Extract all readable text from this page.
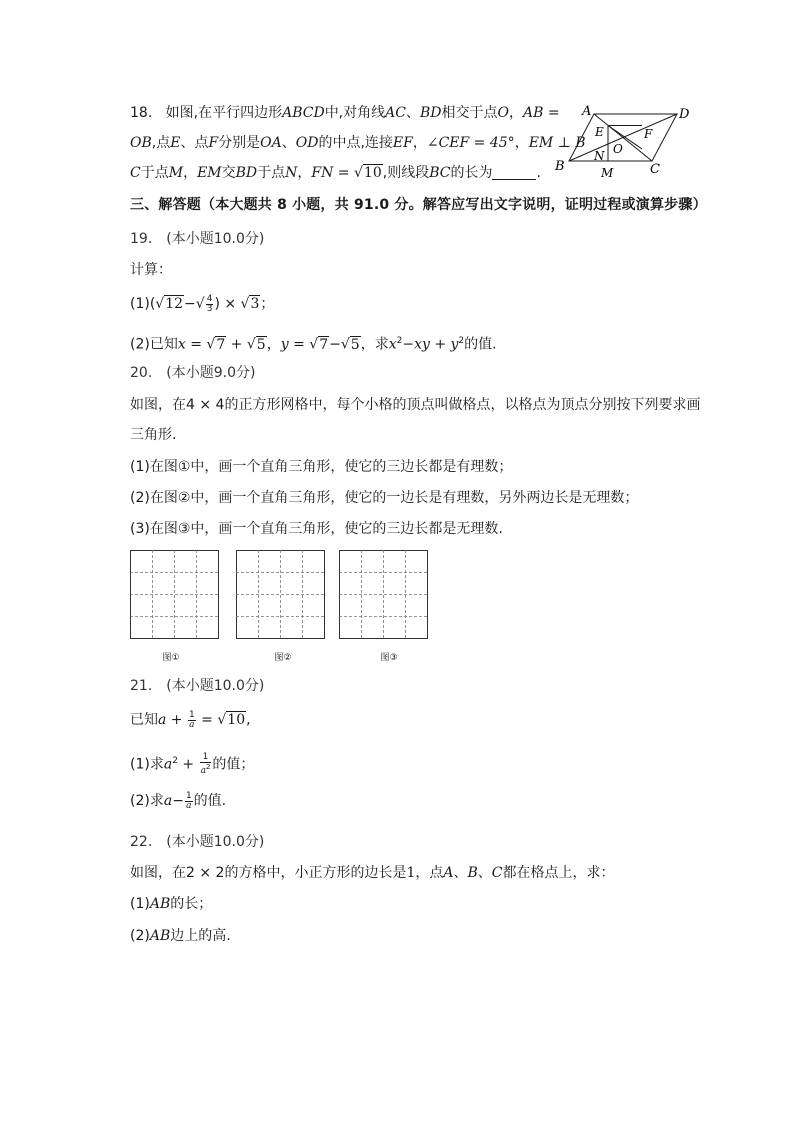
18. 如图,在平行四边形ABCD中,对角线AC、BD相交于点O，AB =
OB,点E、点F分别是OA、OD的中点,连接EF，∠CEF = 45°，EM ⊥ B
C于点M，EM交BD于点N，FN = √10,则线段BC的长为	.
A	D
B	C
E	F
O
N
M
三、解答题（本大题共 8 小题，共 91.0 分。解答应写出文字说明，证明过程或演算步骤）
19.　(本小题10.0分)
计算：
$(1)(√12-√ \frac{4}{3}$ ) × √3；
(2)已知x = √7 + √5，y = √7−√5，求$x^2-xy + y^2$的值.
20.　(本小题9.0分)
如图，在4 × 4的正方形网格中，每个小格的顶点叫做格点，以格点为顶点分别按下列要求画
三角形.
(1)在图①中，画一个直角三角形，使它的三边长都是有理数；
(2)在图②中，画一个直角三角形，使它的一边长是有理数，另外两边长是无理数；
(3)在图③中，画一个直角三角形，使它的三边长都是无理数.
图①	图②	图③
21.　(本小题10.0分)
已知$a + \frac{1}{a} = √10$,
(1)求$a^2 + \frac{1}{a^2}$ 的值；
(2)求$a- \frac{1}{a}$ 的值.
22.　(本小题10.0分)
如图，在2 × 2的方格中，小正方形的边长是1，点A、B、C都在格点上，求：
(1)AB的长；
(2)AB边上的高.
